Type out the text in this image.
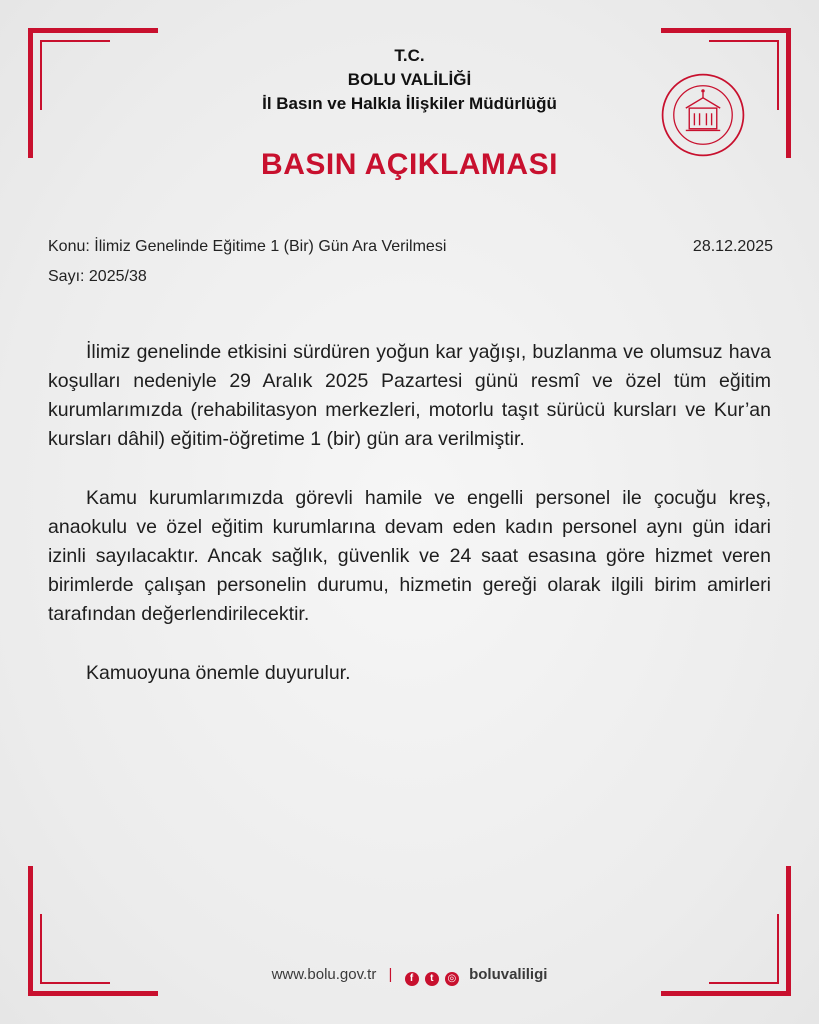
T.C.
BOLU VALİLİĞİ
İl Basın ve Halkla İlişkiler Müdürlüğü
BASIN AÇIKLAMASI
Konu: İlimiz Genelinde Eğitime 1 (Bir) Gün Ara Verilmesi
Sayı: 2025/38
28.12.2025

İlimiz genelinde etkisini sürdüren yoğun kar yağışı, buzlanma ve olumsuz hava koşulları nedeniyle 29 Aralık 2025 Pazartesi günü resmî ve özel tüm eğitim kurumlarımızda (rehabilitasyon merkezleri, motorlu taşıt sürücü kursları ve Kur’an kursları dâhil) eğitim-öğretime 1 (bir) gün ara verilmiştir.

Kamu kurumlarımızda görevli hamile ve engelli personel ile çocuğu kreş, anaokulu ve özel eğitim kurumlarına devam eden kadın personel aynı gün idari izinli sayılacaktır. Ancak sağlık, güvenlik ve 24 saat esasına göre hizmet veren birimlerde çalışan personelin durumu, hizmetin gereği olarak ilgili birim amirleri tarafından değerlendirilecektir.

Kamuoyuna önemle duyurulur.

www.bolu.gov.tr | f t ◎ boluvaliligi
